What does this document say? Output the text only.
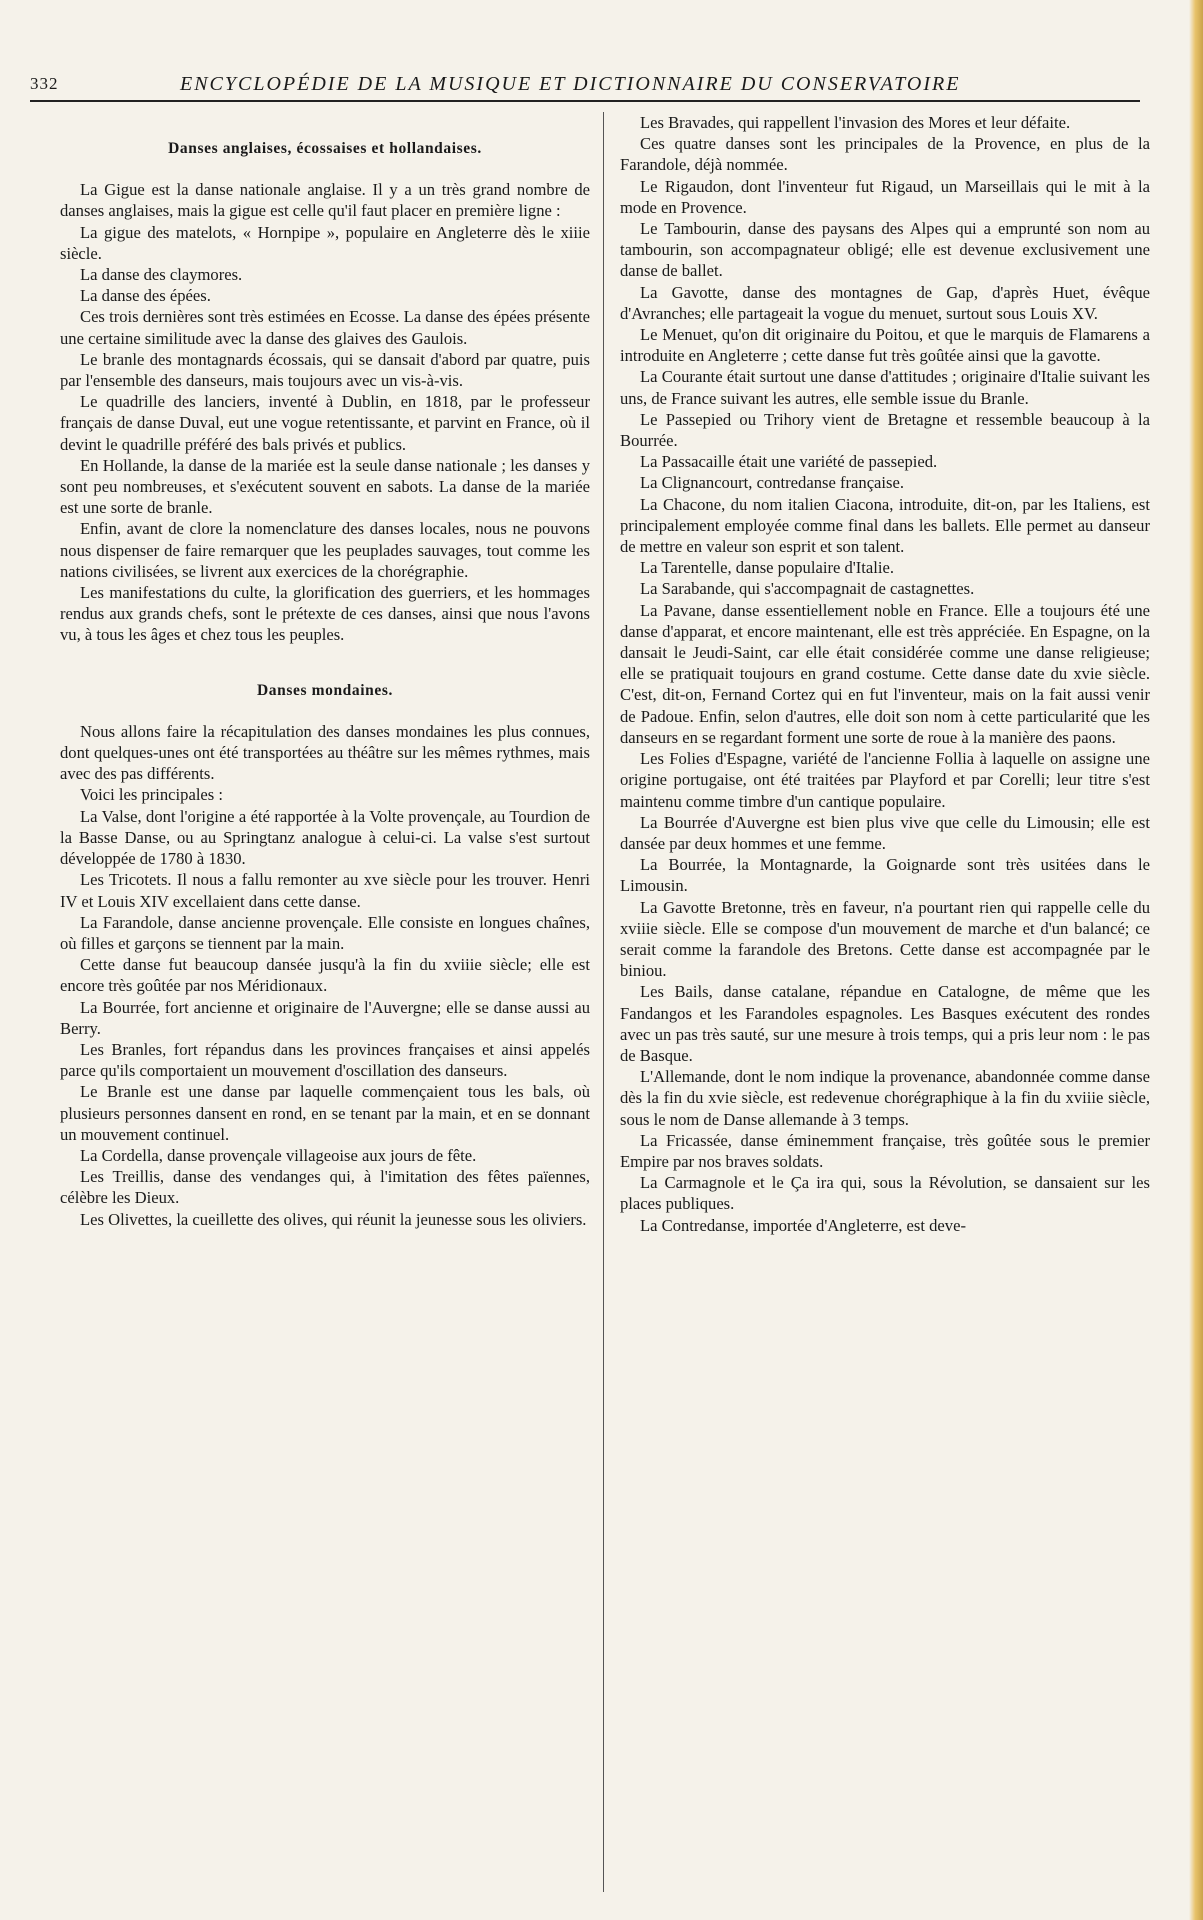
332	ENCYCLOPÉDIE DE LA MUSIQUE ET DICTIONNAIRE DU CONSERVATOIRE
Danses anglaises, écossaises et hollandaises.

La Gigue est la danse nationale anglaise. Il y a un très grand nombre de danses anglaises, mais la gigue est celle qu'il faut placer en première ligne :

La gigue des matelots, « Hornpipe », populaire en Angleterre dès le xiiie siècle.

La danse des claymores.

La danse des épées.

Ces trois dernières sont très estimées en Ecosse. La danse des épées présente une certaine similitude avec la danse des glaives des Gaulois.

Le branle des montagnards écossais, qui se dansait d'abord par quatre, puis par l'ensemble des danseurs, mais toujours avec un vis-à-vis.

Le quadrille des lanciers, inventé à Dublin, en 1818, par le professeur français de danse Duval, eut une vogue retentissante, et parvint en France, où il devint le quadrille préféré des bals privés et publics.

En Hollande, la danse de la mariée est la seule danse nationale ; les danses y sont peu nombreuses, et s'exécutent souvent en sabots. La danse de la mariée est une sorte de branle.

Enfin, avant de clore la nomenclature des danses locales, nous ne pouvons nous dispenser de faire remarquer que les peuplades sauvages, tout comme les nations civilisées, se livrent aux exercices de la chorégraphie.

Les manifestations du culte, la glorification des guerriers, et les hommages rendus aux grands chefs, sont le prétexte de ces danses, ainsi que nous l'avons vu, à tous les âges et chez tous les peuples.

Danses mondaines.

Nous allons faire la récapitulation des danses mondaines les plus connues, dont quelques-unes ont été transportées au théâtre sur les mêmes rythmes, mais avec des pas différents.

Voici les principales :

La Valse, dont l'origine a été rapportée à la Volte provençale, au Tourdion de la Basse Danse, ou au Springtanz analogue à celui-ci. La valse s'est surtout développée de 1780 à 1830.

Les Tricotets. Il nous a fallu remonter au xve siècle pour les trouver. Henri IV et Louis XIV excellaient dans cette danse.

La Farandole, danse ancienne provençale. Elle consiste en longues chaînes, où filles et garçons se tiennent par la main.

Cette danse fut beaucoup dansée jusqu'à la fin du xviiie siècle; elle est encore très goûtée par nos Méridionaux.

La Bourrée, fort ancienne et originaire de l'Auvergne; elle se danse aussi au Berry.

Les Branles, fort répandus dans les provinces françaises et ainsi appelés parce qu'ils comportaient un mouvement d'oscillation des danseurs.

Le Branle est une danse par laquelle commençaient tous les bals, où plusieurs personnes dansent en rond, en se tenant par la main, et en se donnant un mouvement continuel.

La Cordella, danse provençale villageoise aux jours de fête.

Les Treillis, danse des vendanges qui, à l'imitation des fêtes païennes, célèbre les Dieux.

Les Olivettes, la cueillette des olives, qui réunit la jeunesse sous les oliviers.

Les Bravades, qui rappellent l'invasion des Mores et leur défaite.

Ces quatre danses sont les principales de la Provence, en plus de la Farandole, déjà nommée.

Le Rigaudon, dont l'inventeur fut Rigaud, un Marseillais qui le mit à la mode en Provence.

Le Tambourin, danse des paysans des Alpes qui a emprunté son nom au tambourin, son accompagnateur obligé; elle est devenue exclusivement une danse de ballet.

La Gavotte, danse des montagnes de Gap, d'après Huet, évêque d'Avranches; elle partageait la vogue du menuet, surtout sous Louis XV.

Le Menuet, qu'on dit originaire du Poitou, et que le marquis de Flamarens a introduite en Angleterre ; cette danse fut très goûtée ainsi que la gavotte.

La Courante était surtout une danse d'attitudes ; originaire d'Italie suivant les uns, de France suivant les autres, elle semble issue du Branle.

Le Passepied ou Trihory vient de Bretagne et ressemble beaucoup à la Bourrée.

La Passacaille était une variété de passepied.

La Clignancourt, contredanse française.

La Chacone, du nom italien Ciacona, introduite, dit-on, par les Italiens, est principalement employée comme final dans les ballets. Elle permet au danseur de mettre en valeur son esprit et son talent.

La Tarentelle, danse populaire d'Italie.

La Sarabande, qui s'accompagnait de castagnettes.

La Pavane, danse essentiellement noble en France. Elle a toujours été une danse d'apparat, et encore maintenant, elle est très appréciée. En Espagne, on la dansait le Jeudi-Saint, car elle était considérée comme une danse religieuse; elle se pratiquait toujours en grand costume. Cette danse date du xvie siècle. C'est, dit-on, Fernand Cortez qui en fut l'inventeur, mais on la fait aussi venir de Padoue. Enfin, selon d'autres, elle doit son nom à cette particularité que les danseurs en se regardant forment une sorte de roue à la manière des paons.

Les Folies d'Espagne, variété de l'ancienne Follia à laquelle on assigne une origine portugaise, ont été traitées par Playford et par Corelli; leur titre s'est maintenu comme timbre d'un cantique populaire.

La Bourrée d'Auvergne est bien plus vive que celle du Limousin; elle est dansée par deux hommes et une femme.

La Bourrée, la Montagnarde, la Goignarde sont très usitées dans le Limousin.

La Gavotte Bretonne, très en faveur, n'a pourtant rien qui rappelle celle du xviiie siècle. Elle se compose d'un mouvement de marche et d'un balancé; ce serait comme la farandole des Bretons. Cette danse est accompagnée par le biniou.

Les Bails, danse catalane, répandue en Catalogne, de même que les Fandangos et les Farandoles espagnoles. Les Basques exécutent des rondes avec un pas très sauté, sur une mesure à trois temps, qui a pris leur nom : le pas de Basque.

L'Allemande, dont le nom indique la provenance, abandonnée comme danse dès la fin du xvie siècle, est redevenue chorégraphique à la fin du xviiie siècle, sous le nom de Danse allemande à 3 temps.

La Fricassée, danse éminemment française, très goûtée sous le premier Empire par nos braves soldats.

La Carmagnole et le Ça ira qui, sous la Révolution, se dansaient sur les places publiques.

La Contredanse, importée d'Angleterre, est deve-
